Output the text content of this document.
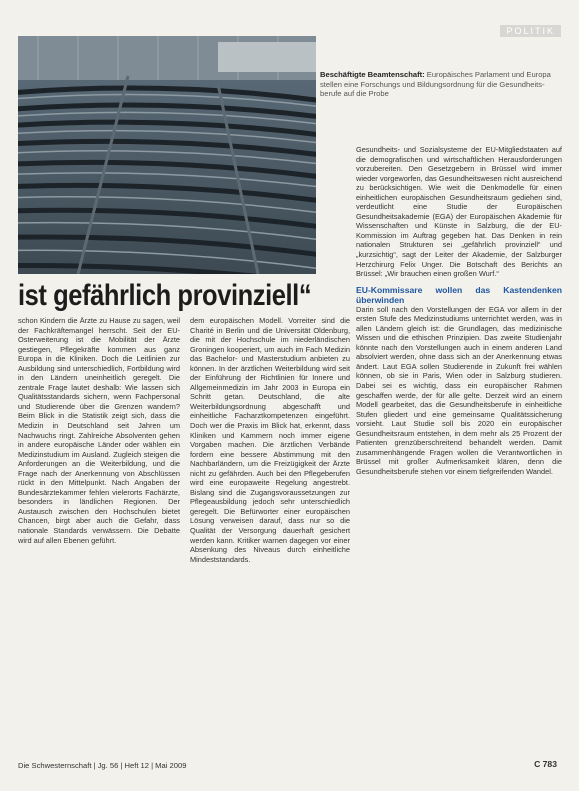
POLITIK
Beschäftigte Beamtenschaft: Europäisches Parlament und Europa stellen eine Forschungs und Bildungsordnung für die Gesundheitsberufe auf die Probe
ist gefährlich provinziell“

schon Kindern die Ärzte zu Hause zu sagen, weil der Fachkräftemangel herrscht. Seit der EU-Osterweiterung ist die Mobilität der Ärzte gestiegen, Pflegekräfte kommen aus ganz Europa in die Kliniken. Doch die Leitlinien zur Ausbildung sind unterschiedlich, Fortbildung wird in den Ländern uneinheitlich geregelt. Die zentrale Frage lautet deshalb: Wie lassen sich Qualitätsstandards sichern, wenn Fachpersonal und Studierende über die Grenzen wandern? Beim Blick in die Statistik zeigt sich, dass die Medizin in Deutschland seit Jahren um Nachwuchs ringt. Zahlreiche Absolventen gehen in andere europäische Länder oder wählen ein Medizinstudium im Ausland. Zugleich steigen die Anforderungen an die Weiterbildung, und die Frage nach der Anerkennung von Abschlüssen rückt in den Mittelpunkt. Nach Angaben der Bundesärztekammer fehlen vielerorts Fachärzte, besonders in ländlichen Regionen. Der Austausch zwischen den Hochschulen bietet Chancen, birgt aber auch die Gefahr, dass nationale Standards verwässern. Die Debatte wird auf allen Ebenen geführt.

dem europäischen Modell. Vorreiter sind die Charité in Berlin und die Universität Oldenburg, die mit der Hochschule im niederländischen Groningen kooperiert, um auch im Fach Medizin das Bachelor- und Masterstudium anbieten zu können. In der ärztlichen Weiterbildung wird seit der Einführung der Richtlinien für Innere und Allgemeinmedizin im Jahr 2003 in Europa ein Schritt getan. Deutschland, die alte Weiterbildungsordnung abgeschafft und einheitliche Facharztkompetenzen eingeführt. Doch wer die Praxis im Blick hat, erkennt, dass Kliniken und Kammern noch immer eigene Vorgaben machen. Die ärztlichen Verbände fordern eine bessere Abstimmung mit den Nachbarländern, um die Freizügigkeit der Ärzte nicht zu gefährden. Auch bei den Pflegeberufen wird eine europaweite Regelung angestrebt. Bislang sind die Zugangsvoraussetzungen zur Pflegeausbildung jedoch sehr unterschiedlich geregelt. Die Befürworter einer europäischen Lösung verweisen darauf, dass nur so die Qualität der Versorgung dauerhaft gesichert werden kann. Kritiker warnen dagegen vor einer Absenkung des Niveaus durch einheitliche Mindeststandards.

Gesundheits- und Sozialsysteme der EU-Mitgliedstaaten auf die demografischen und wirtschaftlichen Herausforderungen vorzubereiten. Den Gesetzgebern in Brüssel wird immer wieder vorgeworfen, das Gesundheitswesen nicht ausreichend zu berücksichtigen. Wie weit die Denkmodelle für einen einheitlichen europäischen Gesundheitsraum gediehen sind, verdeutlicht eine Studie der Europäischen Gesundheitsakademie (EGA) der Europäischen Akademie für Wissenschaften und Künste in Salzburg, die der EU-Kommission im Auftrag gegeben hat. Das Denken in rein nationalen Strukturen sei „gefährlich provinziell“ und „kurzsichtig“, sagt der Leiter der Akademie, der Salzburger Herzchirurg Felix Unger. Die Botschaft des Berichts an Brüssel: „Wir brauchen einen großen Wurf.“

EU-Kommissare wollen das Kastendenken überwinden

Darin soll nach den Vorstellungen der EGA vor allem in der ersten Stufe des Medizinstudiums unterrichtet werden, was in allen Ländern gleich ist: die Grundlagen, das medizinische Wissen und die ethischen Prinzipien. Das zweite Studienjahr könnte nach den Vorstellungen auch in einem anderen Land absolviert werden, ohne dass sich an der Anerkennung etwas ändert. Laut EGA sollen Studierende in Zukunft frei wählen können, ob sie in Paris, Wien oder in Salzburg studieren. Dabei sei es wichtig, dass ein europäischer Rahmen geschaffen werde, der für alle gelte. Derzeit wird an einem Modell gearbeitet, das die Gesundheitsberufe in einheitliche Stufen gliedert und eine gemeinsame Qualitätssicherung vorsieht. Laut Studie soll bis 2020 ein europäischer Gesundheitsraum entstehen, in dem mehr als 25 Prozent der Patienten grenzüberschreitend behandelt werden. Damit zusammenhängende Fragen wollen die Verantwortlichen in Brüssel mit großer Aufmerksamkeit klären, denn die Gesundheitsberufe stehen vor einem tiefgreifenden Wandel.

Die Schwesternschaft | Jg. 56 | Heft 12 | Mai 2009	C 783
